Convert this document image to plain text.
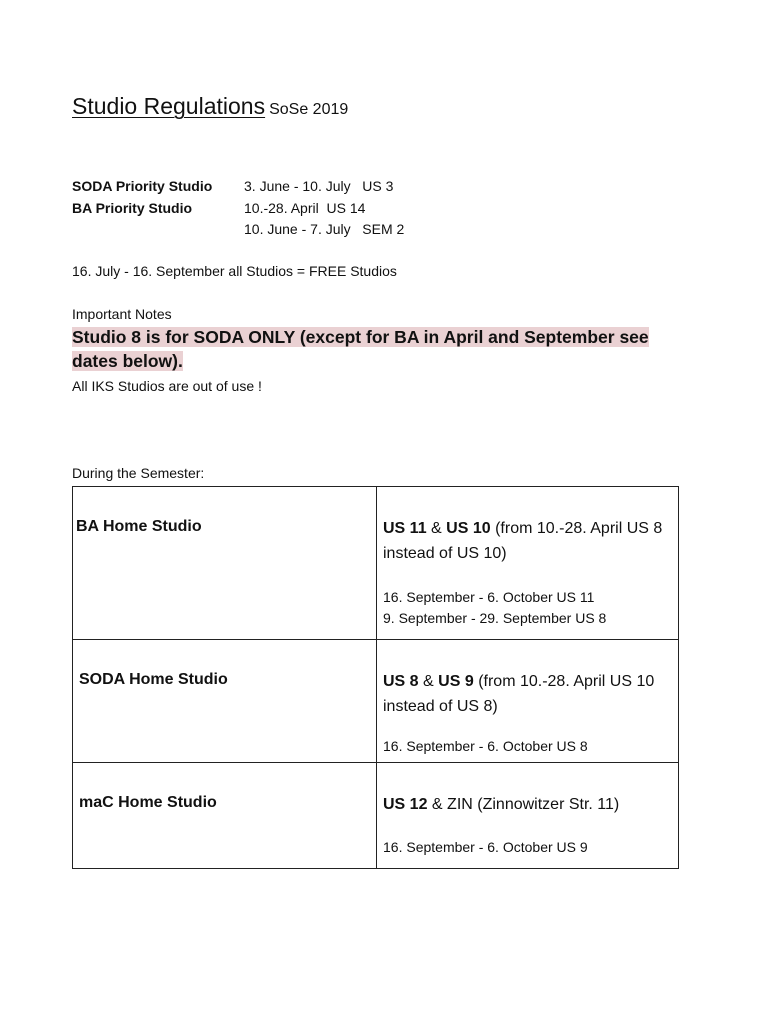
Studio Regulations SoSe 2019
SODA Priority Studio 3. June - 10. July   US 3
BA Priority Studio	10.-28. April  US 14
10. June - 7. July   SEM 2
16. July - 16. September all Studios = FREE Studios
Important Notes
Studio 8 is for SODA ONLY (except for BA in April and September see dates below).
All IKS Studios are out of use !
During the Semester:
BA Home Studio	US 11 & US 10 (from 10.-28. April US 8 instead of US 10)
16. September - 6. October US 11
9. September - 29. September US 8

SODA Home Studio	US 8 & US 9 (from 10.-28. April US 10 instead of US 8)
16. September - 6. October US 8

maC Home Studio	US 12 & ZIN (Zinnowitzer Str. 11)
16. September - 6. October US 9
